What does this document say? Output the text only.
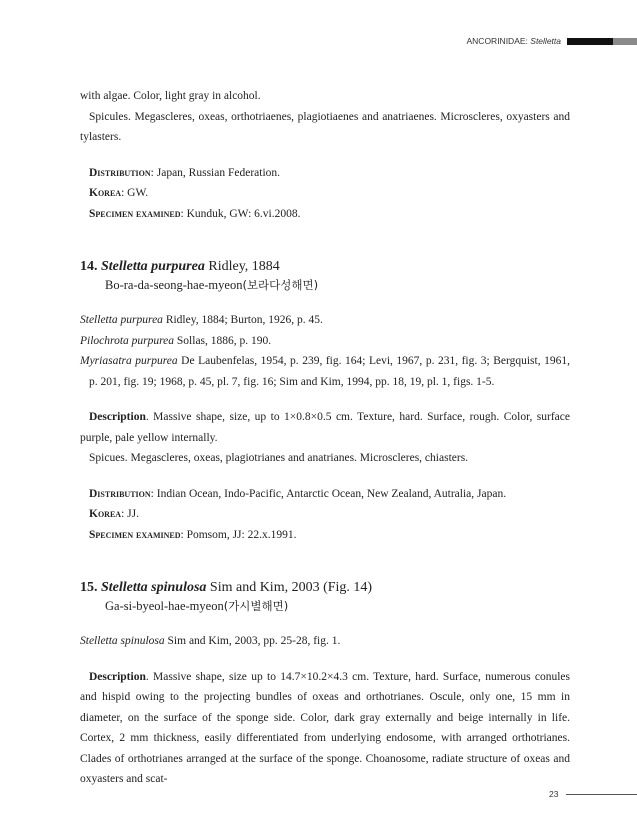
ANCORINIDAE: Stelletta

with algae. Color, light gray in alcohol.

Spicules. Megascleres, oxeas, orthotriaenes, plagiotiaenes and anatriaenes. Microscleres, oxyasters and tylasters.

Distribution: Japan, Russian Federation.

Korea: GW.

Specimen examined: Kunduk, GW: 6.vi.2008.

14. Stelletta purpurea Ridley, 1884

Bo-ra-da-seong-hae-myeon(보라다성해면)

Stelletta purpurea Ridley, 1884; Burton, 1926, p. 45.

Pilochrota purpurea Sollas, 1886, p. 190.

Myriasatra purpurea De Laubenfelas, 1954, p. 239, fig. 164; Levi, 1967, p. 231, fig. 3; Bergquist, 1961, p. 201, fig. 19; 1968, p. 45, pl. 7, fig. 16; Sim and Kim, 1994, pp. 18, 19, pl. 1, figs. 1-5.

Description. Massive shape, size, up to 1×0.8×0.5 cm. Texture, hard. Surface, rough. Color, surface purple, pale yellow internally.

Spicues. Megascleres, oxeas, plagiotrianes and anatrianes. Microscleres, chiasters.

Distribution: Indian Ocean, Indo-Pacific, Antarctic Ocean, New Zealand, Autralia, Japan.

Korea: JJ.

Specimen examined: Pomsom, JJ: 22.x.1991.

15. Stelletta spinulosa Sim and Kim, 2003 (Fig. 14)

Ga-si-byeol-hae-myeon(가시별해면)

Stelletta spinulosa Sim and Kim, 2003, pp. 25-28, fig. 1.

Description. Massive shape, size up to 14.7×10.2×4.3 cm. Texture, hard. Surface, numerous conules and hispid owing to the projecting bundles of oxeas and orthotrianes. Oscule, only one, 15 mm in diameter, on the surface of the sponge side. Color, dark gray externally and beige internally in life. Cortex, 2 mm thickness, easily differentiated from underlying endosome, with arranged orthotrianes. Clades of orthotrianes arranged at the surface of the sponge. Choanosome, radiate structure of oxeas and oxyasters and scat-

23
